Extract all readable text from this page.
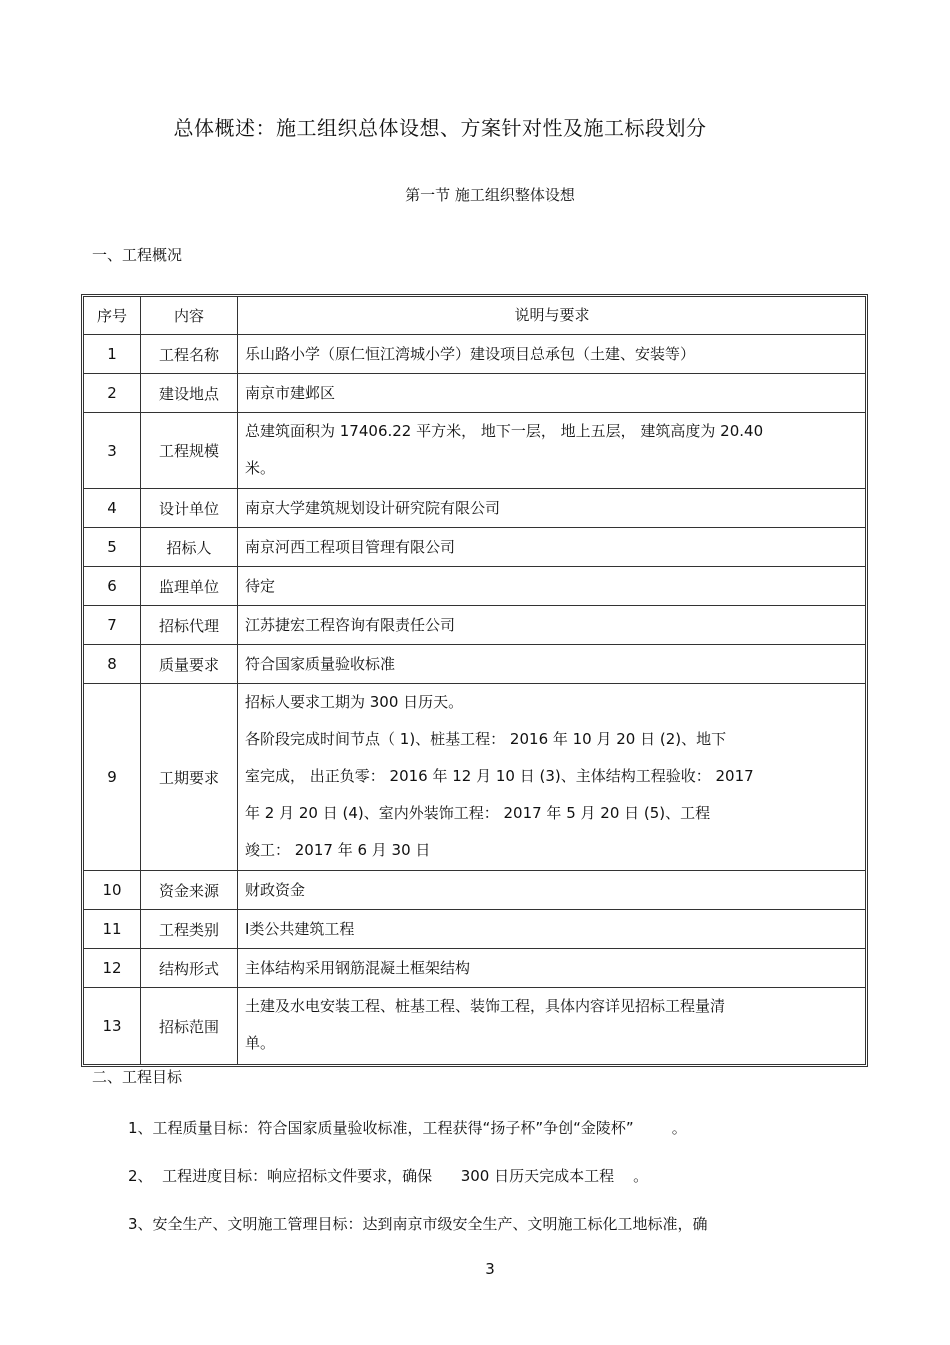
总体概述：施工组织总体设想、方案针对性及施工标段划分
第一节 施工组织整体设想
一、工程概况
序号	内容	说明与要求
1	工程名称	乐山路小学（原仁恒江湾城小学）建设项目总承包（土建、安装等）
2	建设地点	南京市建邺区
3	工程规模
总建筑面积为 17406.22 平方米， 地下一层， 地上五层， 建筑高度为 20.40
米。
4	设计单位	南京大学建筑规划设计研究院有限公司
5	招标人	南京河西工程项目管理有限公司
6	监理单位	待定
7	招标代理	江苏捷宏工程咨询有限责任公司
8	质量要求	符合国家质量验收标准
9	工期要求
招标人要求工期为 300 日历天。
各阶段完成时间节点（ 1)、桩基工程： 2016 年 10 月 20 日 (2)、地下
室完成， 出正负零： 2016 年 12 月 10 日 (3)、主体结构工程验收： 2017
年 2 月 20 日 (4)、室内外装饰工程： 2017 年 5 月 20 日 (5)、工程
竣工： 2017 年 6 月 30 日
10	资金来源	财政资金
11	工程类别	Ⅰ类公共建筑工程
12	结构形式	主体结构采用钢筋混凝土框架结构
13	招标范围
土建及水电安装工程、桩基工程、装饰工程，具体内容详见招标工程量清
单。
二、工程目标
1、工程质量目标：符合国家质量验收标准，工程获得“扬子杯”争创“金陵杯”        。
2、  工程进度目标：响应招标文件要求，确保      300 日历天完成本工程    。
3、安全生产、文明施工管理目标：达到南京市级安全生产、文明施工标化工地标准，确
3
